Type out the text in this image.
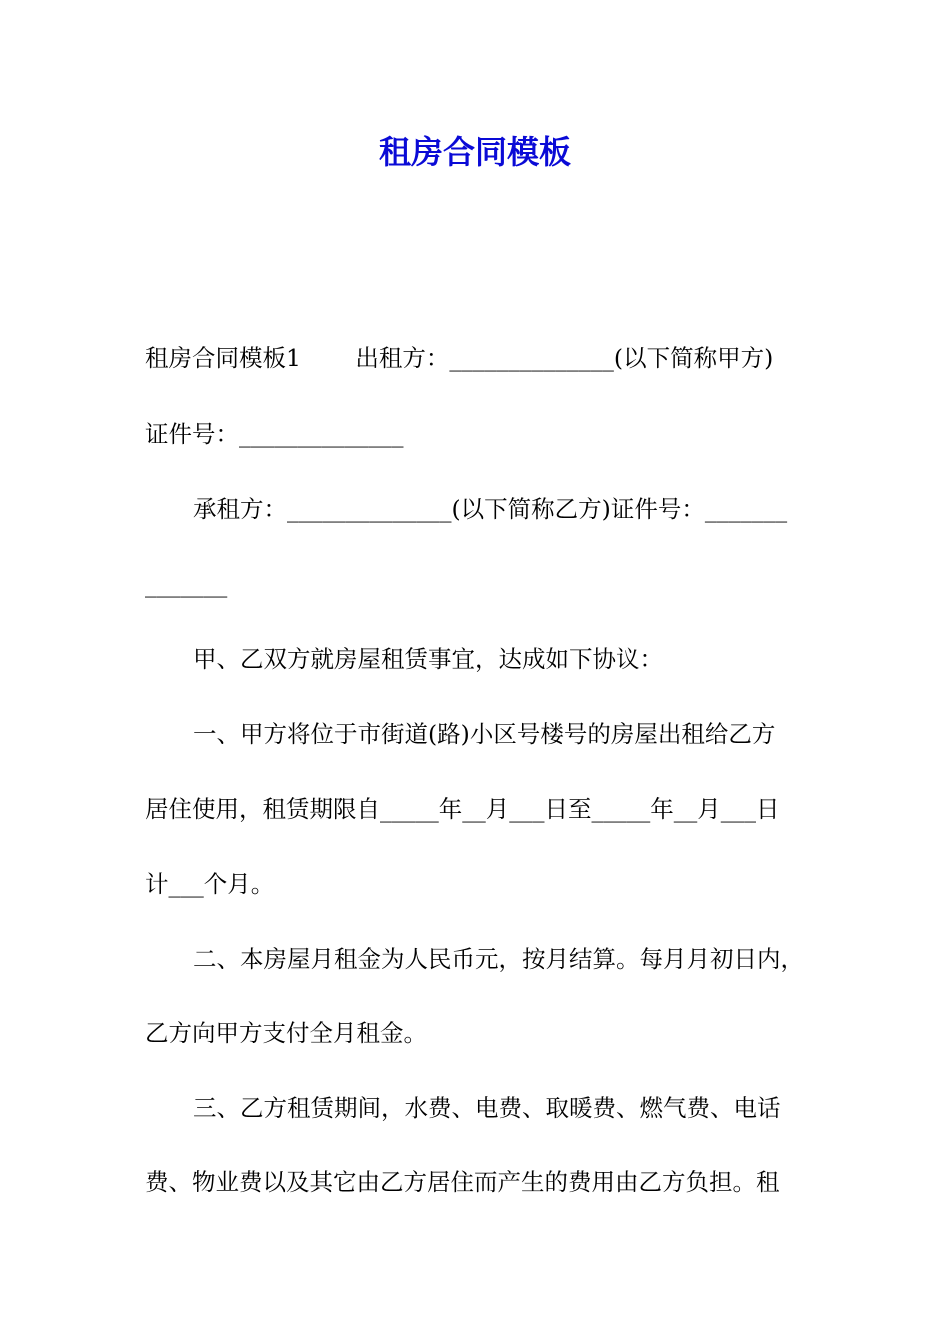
租房合同模板

租房合同模板1 　　出租方：______________(以下简称甲方)

证件号：______________

承租方：______________(以下简称乙方)证件号：_______

_______

甲、乙双方就房屋租赁事宜，达成如下协议：

一、甲方将位于市街道(路)小区号楼号的房屋出租给乙方

居住使用，租赁期限自_____年__月___日至_____年__月___日

计___个月。

二、本房屋月租金为人民币元，按月结算。每月月初日内，

乙方向甲方支付全月租金。

三、乙方租赁期间，水费、电费、取暖费、燃气费、电话

费、物业费以及其它由乙方居住而产生的费用由乙方负担。租
